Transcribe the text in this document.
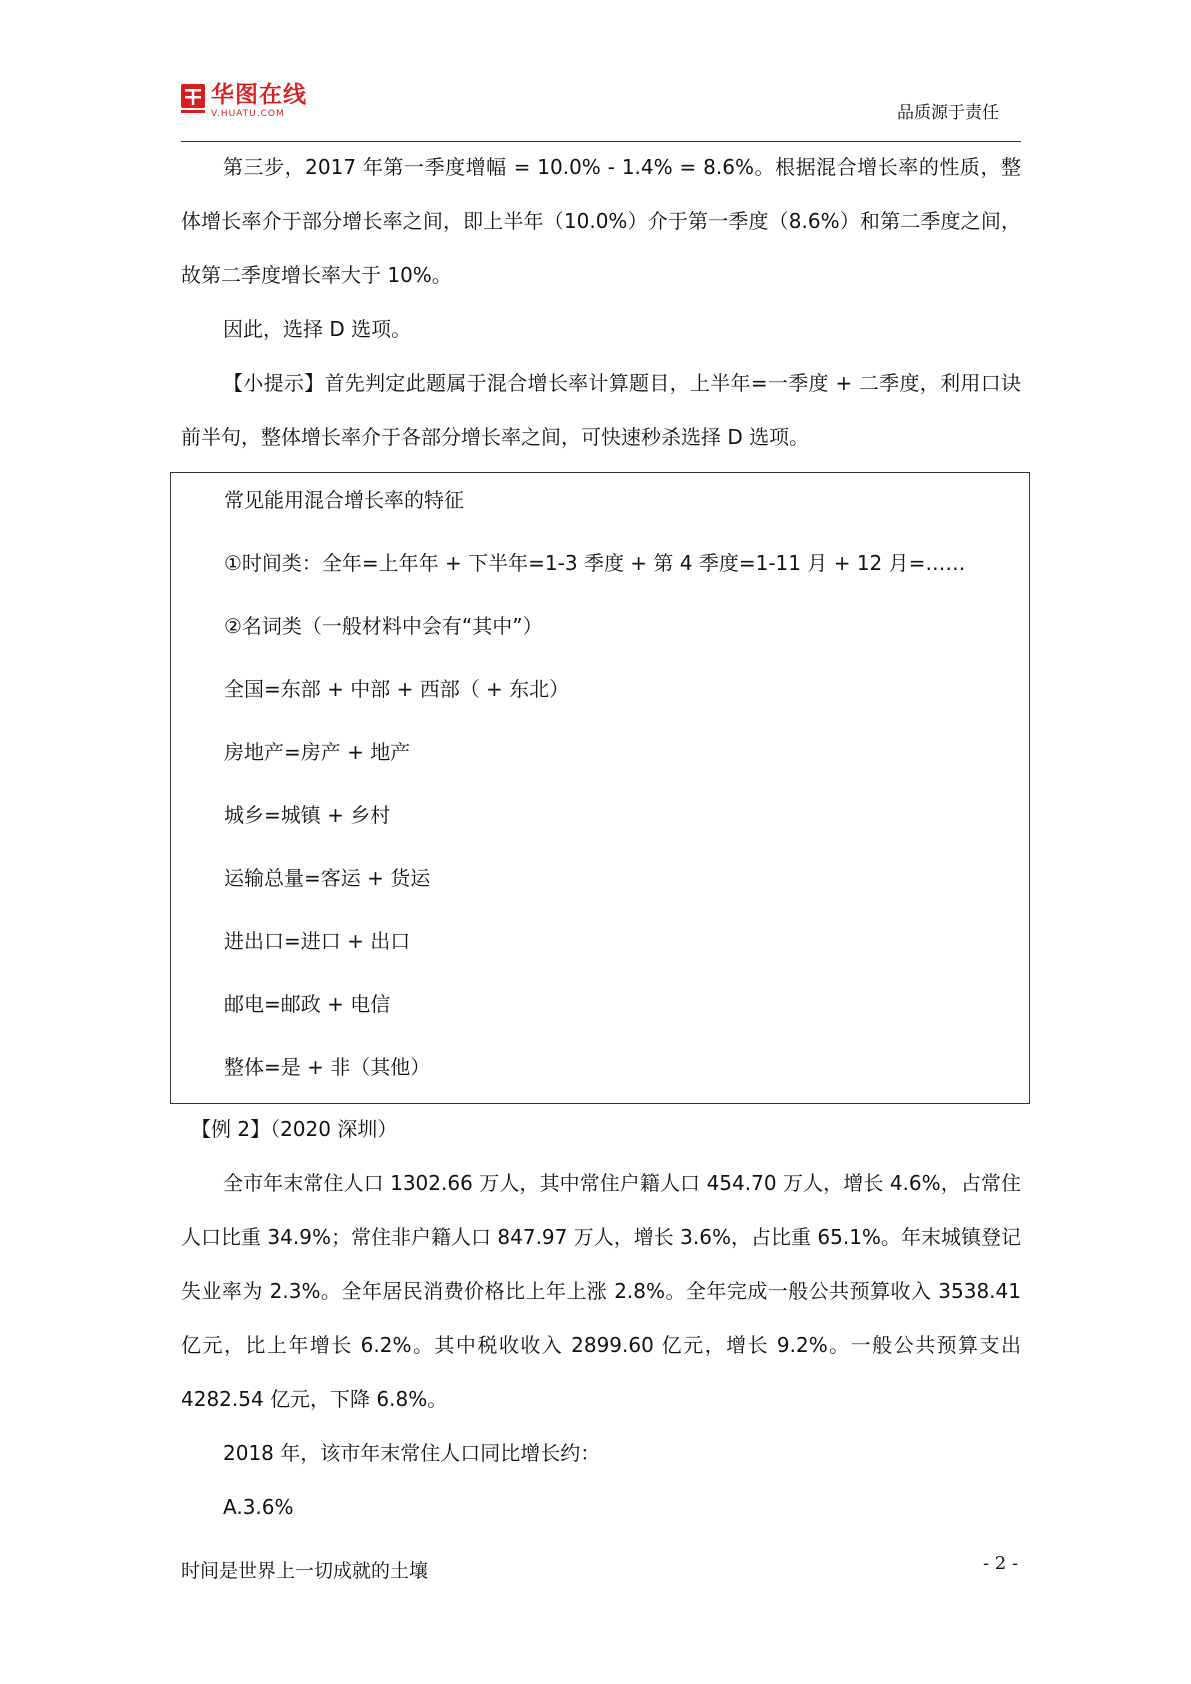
华图在线
V.HUATU.COM	品质源于责任

第三步，2017 年第一季度增幅 = 10.0% - 1.4% = 8.6%。根据混合增长率的性质，整体增长率介于部分增长率之间，即上半年（10.0%）介于第一季度（8.6%）和第二季度之间，故第二季度增长率大于 10%。

因此，选择 D 选项。

【小提示】首先判定此题属于混合增长率计算题目，上半年=一季度 + 二季度，利用口诀前半句，整体增长率介于各部分增长率之间，可快速秒杀选择 D 选项。

常见能用混合增长率的特征
①时间类：全年=上年年 + 下半年=1-3 季度 + 第 4 季度=1-11 月 + 12 月=……
②名词类（一般材料中会有“其中”）
全国=东部 + 中部 + 西部（ + 东北）
房地产=房产 + 地产
城乡=城镇 + 乡村
运输总量=客运 + 货运
进出口=进口 + 出口
邮电=邮政 + 电信
整体=是 + 非（其他）

【例 2】（2020 深圳）

全市年末常住人口 1302.66 万人，其中常住户籍人口 454.70 万人，增长 4.6%，占常住人口比重 34.9%；常住非户籍人口 847.97 万人，增长 3.6%，占比重 65.1%。年末城镇登记失业率为 2.3%。全年居民消费价格比上年上涨 2.8%。全年完成一般公共预算收入 3538.41 亿元，比上年增长 6.2%。其中税收收入 2899.60 亿元，增长 9.2%。一般公共预算支出 4282.54 亿元，下降 6.8%。

2018 年，该市年末常住人口同比增长约：

A.3.6%

时间是世界上一切成就的土壤	- 2 -
